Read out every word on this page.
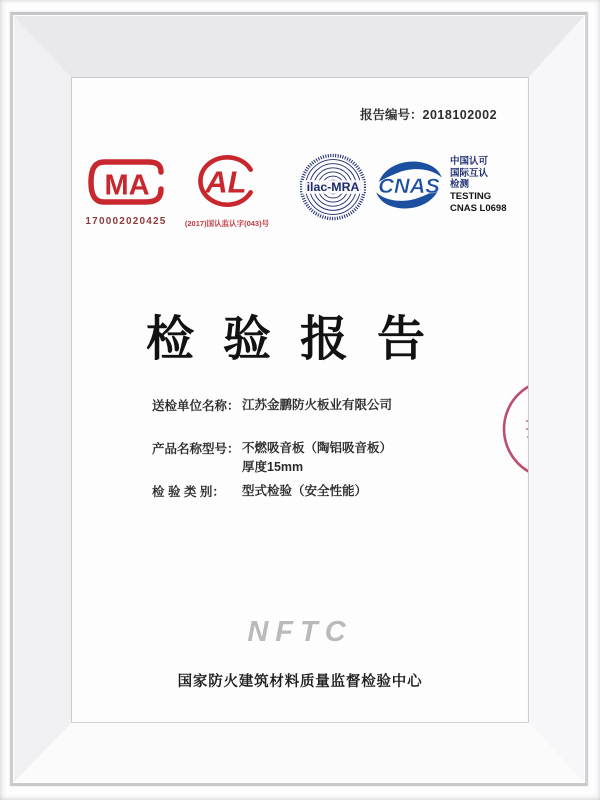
报告编号：2018102002
MA
170002020425
AL
(2017)国认监认字(043)号
ilac-MRA CNAS
中国认可
国际互认
检测
TESTING
CNAS L0698
检验报告
送检单位名称： 江苏金鹏防火板业有限公司
产品名称型号： 不燃吸音板（陶铝吸音板）
厚度15mm
检 验 类 别： 型式检验（安全性能）
NFTC
国家防火建筑材料质量监督检验中心
